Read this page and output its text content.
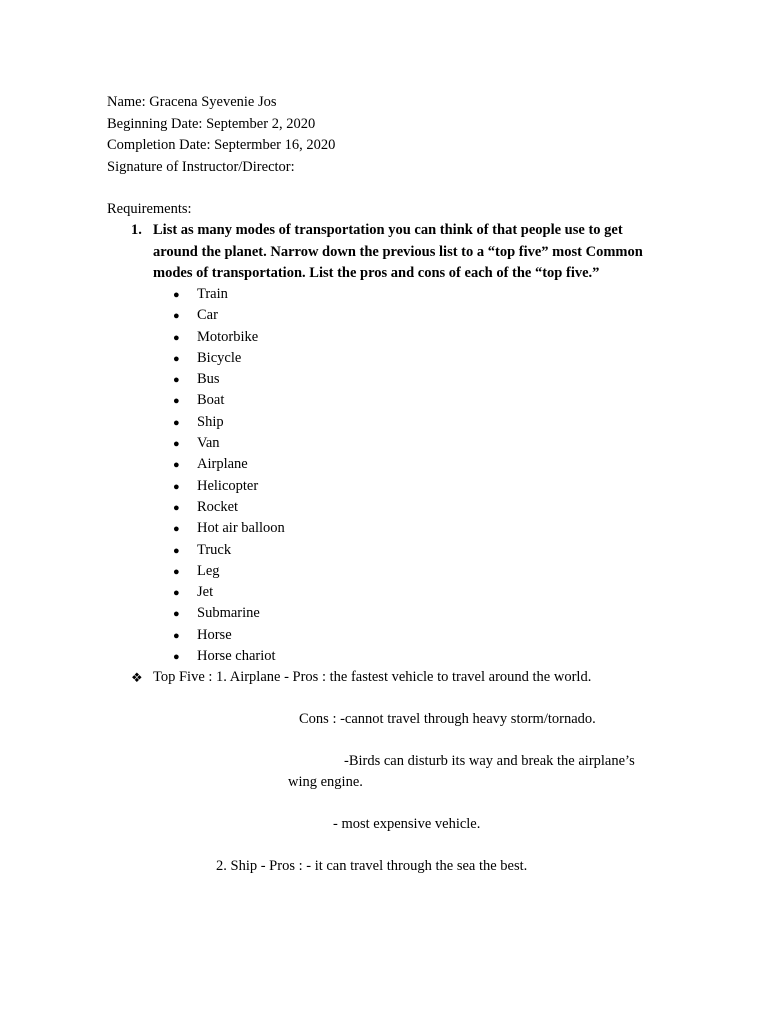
Name: Gracena Syevenie Jos
Beginning Date: September 2, 2020
Completion Date: Septermber 16, 2020
Signature of Instructor/Director:
Requirements:
1. List as many modes of transportation you can think of that people use to get
around the planet. Narrow down the previous list to a “top five” most Common
modes of transportation. List the pros and cons of each of the “top five.”
● Train
● Car
● Motorbike
● Bicycle
● Bus
● Boat
● Ship
● Van
● Airplane
● Helicopter
● Rocket
● Hot air balloon
● Truck
● Leg
● Jet
● Submarine
● Horse
● Horse chariot
❖ Top Five : 1. Airplane - Pros : the fastest vehicle to travel around the world.
Cons : -cannot travel through heavy storm/tornado.
-Birds can disturb its way and break the airplane’s
wing engine.
- most expensive vehicle.
2. Ship - Pros : - it can travel through the sea the best.
